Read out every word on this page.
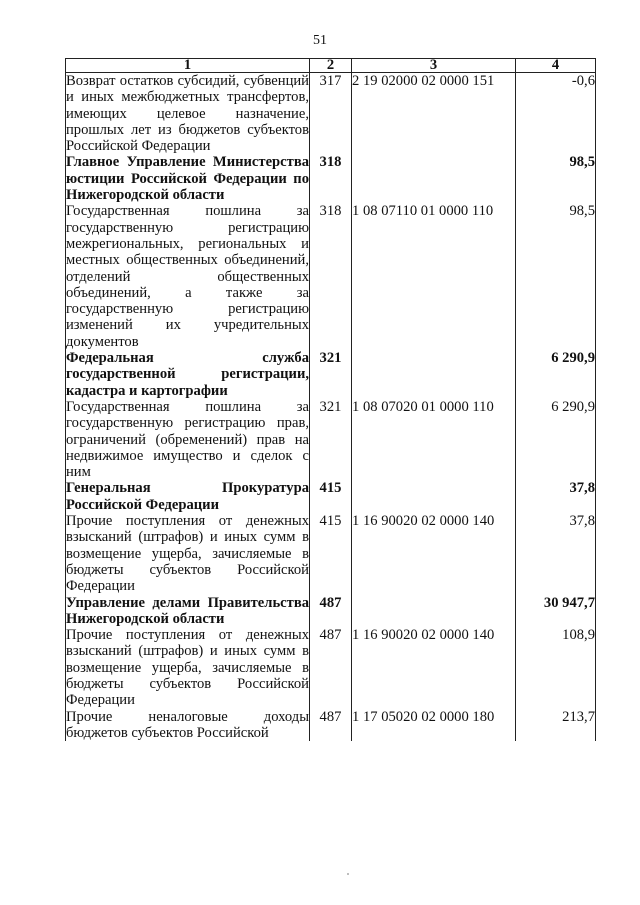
51
1	2	3	4
Возврат остатков субсидий, субвенций и иных межбюджетных трансфертов, имеющих целевое назначение, прошлых лет из бюджетов субъектов Российской Федерации	317	2 19 02000 02 0000 151	-0,6
Главное Управление Министерства юстиции Российской Федерации по Нижегородской области	318		98,5
Государственная пошлина за государственную регистрацию межрегиональных, региональных и местных общественных объединений, отделений общественных объединений, а также за государственную регистрацию изменений их учредительных документов	318	1 08 07110 01 0000 110	98,5
Федеральная служба государственной регистрации, кадастра и картографии	321		6 290,9
Государственная пошлина за государственную регистрацию прав, ограничений (обременений) прав на недвижимое имущество и сделок с ним	321	1 08 07020 01 0000 110	6 290,9
Генеральная Прокуратура Российской Федерации	415		37,8
Прочие поступления от денежных взысканий (штрафов) и иных сумм в возмещение ущерба, зачисляемые в бюджеты субъектов Российской Федерации	415	1 16 90020 02 0000 140	37,8
Управление делами Правительства Нижегородской области	487		30 947,7
Прочие поступления от денежных взысканий (штрафов) и иных сумм в возмещение ущерба, зачисляемые в бюджеты субъектов Российской Федерации	487	1 16 90020 02 0000 140	108,9
Прочие неналоговые доходы бюджетов субъектов Российской	487	1 17 05020 02 0000 180	213,7
